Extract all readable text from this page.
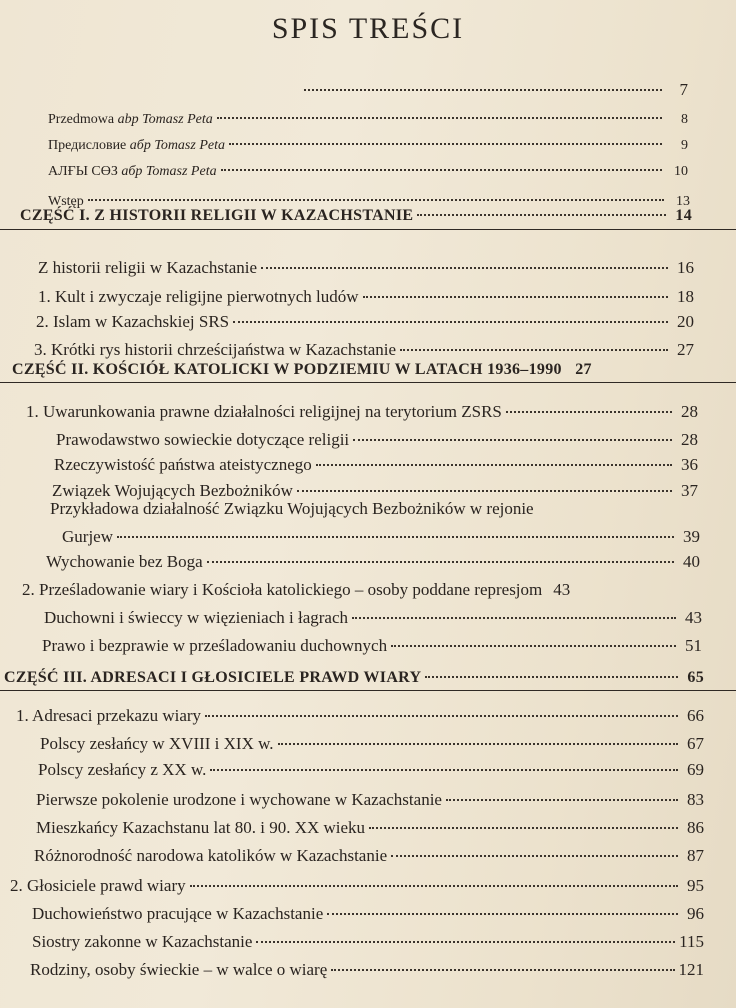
SPIS TREŚCI
7
Przedmowa abp Tomasz Peta	8
Предисловие абр Tomasz Peta	9
АЛҒЫ СӨЗ абр Tomasz Peta	10
Wstęp	13
CZĘŚĆ I. Z HISTORII RELIGII W KAZACHSTANIE	14
Z historii religii w Kazachstanie	16
1. Kult i zwyczaje religijne pierwotnych ludów	18
2. Islam w Kazachskiej SRS	20
3. Krótki rys historii chrześcijaństwa w Kazachstanie	27
CZĘŚĆ II. KOŚCIÓŁ KATOLICKI W PODZIEMIU W LATACH 1936–1990 27
1. Uwarunkowania prawne działalności religijnej na terytorium ZSRS	28
Prawodawstwo sowieckie dotyczące religii	28
Rzeczywistość państwa ateistycznego	36
Związek Wojujących Bezbożników	37
Przykładowa działalność Związku Wojujących Bezbożników w rejonie
Gurjew	39
Wychowanie bez Boga	40
2. Prześladowanie wiary i Kościoła katolickiego – osoby poddane represjom 43
Duchowni i świeccy w więzieniach i łagrach	43
Prawo i bezprawie w prześladowaniu duchownych	51
CZĘŚĆ III. ADRESACI I GŁOSICIELE PRAWD WIARY	65
1. Adresaci przekazu wiary	66
Polscy zesłańcy w XVIII i XIX w.	67
Polscy zesłańcy z XX w.	69
Pierwsze pokolenie urodzone i wychowane w Kazachstanie	83
Mieszkańcy Kazachstanu lat 80. i 90. XX wieku	86
Różnorodność narodowa katolików w Kazachstanie	87
2. Głosiciele prawd wiary	95
Duchowieństwo pracujące w Kazachstanie	96
Siostry zakonne w Kazachstanie	115
Rodziny, osoby świeckie – w walce o wiarę	121
